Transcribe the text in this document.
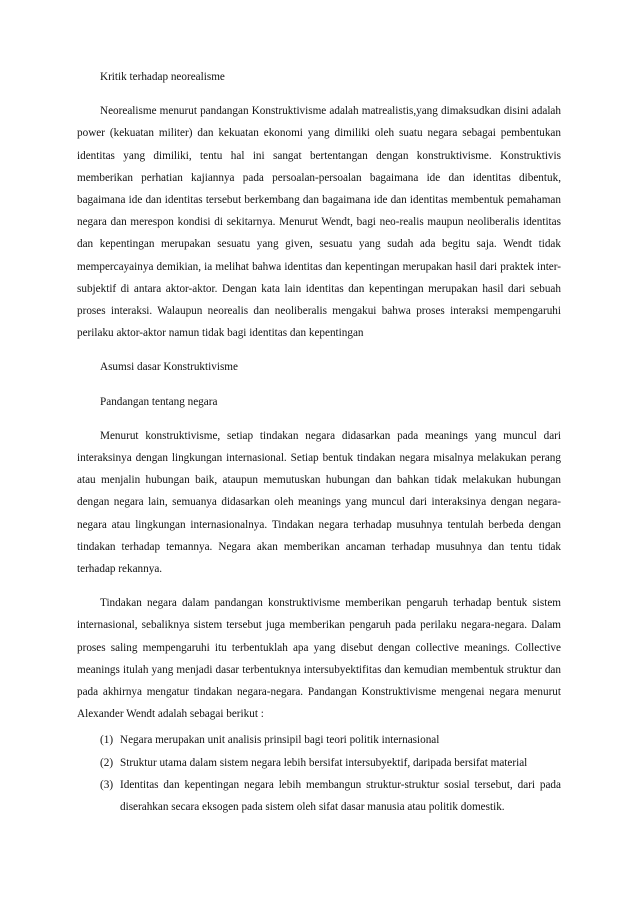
Kritik terhadap neorealisme

Neorealisme menurut pandangan Konstruktivisme adalah matrealistis,yang dimaksudkan disini adalah power (kekuatan militer) dan kekuatan ekonomi yang dimiliki oleh suatu negara sebagai pembentukan identitas yang dimiliki, tentu hal ini sangat bertentangan dengan konstruktivisme. Konstruktivis memberikan perhatian kajiannya pada persoalan-persoalan bagaimana ide dan identitas dibentuk, bagaimana ide dan identitas tersebut berkembang dan bagaimana ide dan identitas membentuk pemahaman negara dan merespon kondisi di sekitarnya. Menurut Wendt, bagi neo-realis maupun neoliberalis identitas dan kepentingan merupakan sesuatu yang given, sesuatu yang sudah ada begitu saja. Wendt tidak mempercayainya demikian, ia melihat bahwa identitas dan kepentingan merupakan hasil dari praktek inter-subjektif di antara aktor-aktor. Dengan kata lain identitas dan kepentingan merupakan hasil dari sebuah proses interaksi. Walaupun neorealis dan neoliberalis mengakui bahwa proses interaksi mempengaruhi perilaku aktor-aktor namun tidak bagi identitas dan kepentingan

Asumsi dasar Konstruktivisme

Pandangan tentang negara

Menurut konstruktivisme, setiap tindakan negara didasarkan pada meanings yang muncul dari interaksinya dengan lingkungan internasional. Setiap bentuk tindakan negara misalnya melakukan perang atau menjalin hubungan baik, ataupun memutuskan hubungan dan bahkan tidak melakukan hubungan dengan negara lain, semuanya didasarkan oleh meanings yang muncul dari interaksinya dengan negara-negara atau lingkungan internasionalnya. Tindakan negara terhadap musuhnya tentulah berbeda dengan tindakan terhadap temannya. Negara akan memberikan ancaman terhadap musuhnya dan tentu tidak terhadap rekannya.

Tindakan negara dalam pandangan konstruktivisme memberikan pengaruh terhadap bentuk sistem internasional, sebaliknya sistem tersebut juga memberikan pengaruh pada perilaku negara-negara. Dalam proses saling mempengaruhi itu terbentuklah apa yang disebut dengan collective meanings. Collective meanings itulah yang menjadi dasar terbentuknya intersubyektifitas dan kemudian membentuk struktur dan pada akhirnya mengatur tindakan negara-negara. Pandangan Konstruktivisme mengenai negara menurut Alexander Wendt adalah sebagai berikut :

(1) Negara merupakan unit analisis prinsipil bagi teori politik internasional
(2) Struktur utama dalam sistem negara lebih bersifat intersubyektif, daripada bersifat material
(3) Identitas dan kepentingan negara lebih membangun struktur-struktur sosial tersebut, dari pada diserahkan secara eksogen pada sistem oleh sifat dasar manusia atau politik domestik.
